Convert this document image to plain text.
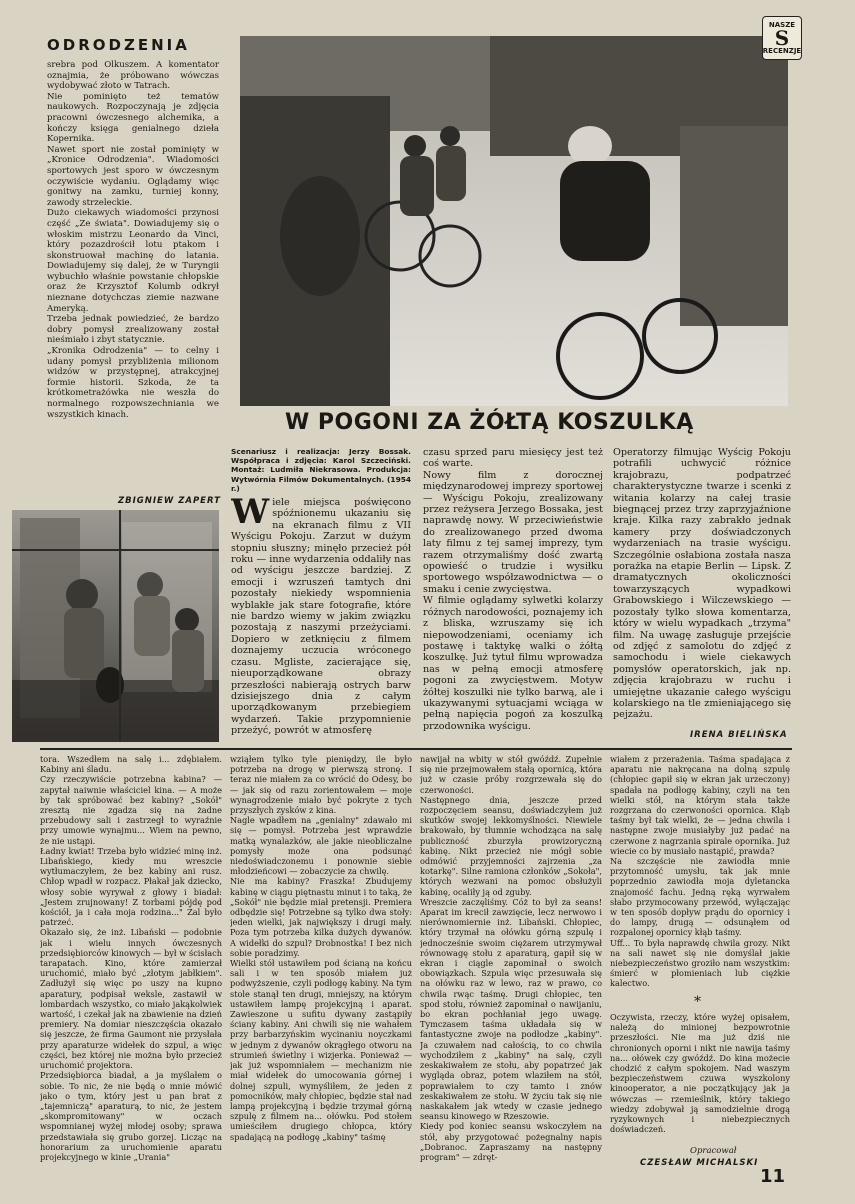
ODRODZENIA
srebra pod Olkuszem. A komentator oznajmia, że próbowano wówczas wydobywać złoto w Tatrach.
Nie pominięto też tematów naukowych. Rozpoczynają je zdjęcia pracowni ówczesnego alchemika, a kończy księga genialnego dzieła Kopernika.
Nawet sport nie został pominięty w „Kronice Odrodzenia". Wiadomości sportowych jest sporo w ówczesnym oczywiście wydaniu. Oglądamy więc gonitwy na zamku, turniej konny, zawody strzeleckie.
Dużo ciekawych wiadomości przynosi część „Ze świata". Dowiadujemy się o włoskim mistrzu Leonardo da Vinci, który pozazdrościł lotu ptakom i skonstruował machinę do latania. Dowiadujemy się dalej, że w Turyngii wybuchło właśnie powstanie chłopskie oraz że Krzysztof Kolumb odkrył nieznane dotychczas ziemie nazwane Ameryką.
Trzeba jednak powiedzieć, że bardzo dobry pomysł zrealizowany został nieśmiało i zbyt statycznie.
„Kronika Odrodzenia" — to celny i udany pomysł przybliżenia milionom widzów w przystępnej, atrakcyjnej formie historii. Szkoda, że ta krótkometrażówka nie weszła do normalnego rozpowszechniania we wszystkich kinach.
ZBIGNIEW ZAPERT
NASZE
S
RECENZJE
W POGONI ZA ŻÓŁTĄ KOSZULKĄ
Scenariusz i realizacja: Jerzy Bossak. Współpraca i zdjęcia: Karol Szczeciński. Montaż: Ludmiła Niekrasowa. Produkcja: Wytwórnia Filmów Dokumentalnych. (1954 r.)
Wiele miejsca poświęcono spóźnionemu ukazaniu się na ekranach filmu z VII Wyścigu Pokoju. Zarzut w dużym stopniu słuszny; minęło przecież pół roku — inne wydarzenia oddaliły nas od wyścigu jeszcze bardziej. Z emocji i wzruszeń tamtych dni pozostały niekiedy wspomnienia wyblakłe jak stare fotografie, które nie bardzo wiemy w jakim związku pozostają z naszymi przeżyciami. Dopiero w zetknięciu z filmem doznajemy uczucia wróconego czasu. Mgliste, zacierające się, nieuporządkowane obrazy przeszłości nabierają ostrych barw dzisiejszego dnia z całym uporządkowanym przebiegiem wydarzeń. Takie przypomnienie przeżyć, powrót w atmosferę
czasu sprzed paru miesięcy jest też coś warte.
Nowy film z dorocznej międzynarodowej imprezy sportowej — Wyścigu Pokoju, zrealizowany przez reżysera Jerzego Bossaka, jest naprawdę nowy. W przeciwieństwie do zrealizowanego przed dwoma laty filmu z tej samej imprezy, tym razem otrzymaliśmy dość zwartą opowieść o trudzie i wysiłku sportowego współzawodnictwa — o smaku i cenie zwycięstwa.
W filmie oglądamy sylwetki kolarzy różnych narodowości, poznajemy ich z bliska, wzruszamy się ich niepowodzeniami, oceniamy ich postawę i taktykę walki o żółtą koszulkę. Już tytuł filmu wprowadza nas w pełną emocji atmosferę pogoni za zwycięstwem. Motyw żółtej koszulki nie tylko barwą, ale i ukazywanymi sytuacjami wciąga w pełną napięcia pogoń za koszulką przodownika wyścigu.
Operatorzy filmując Wyścig Pokoju potrafili uchwycić różnice krajobrazu, podpatrzeć charakterystyczne twarze i scenki z witania kolarzy na całej trasie biegnącej przez trzy zaprzyjaźnione kraje. Kilka razy zabrakło jednak kamery przy doświadczonych wydarzeniach na trasie wyścigu. Szczególnie osłabiona została nasza porażka na etapie Berlin — Lipsk. Z dramatycznych okoliczności towarzyszących wypadkowi Grabowskiego i Wilczewskiego — pozostały tylko słowa komentarza, który w wielu wypadkach „trzyma" film. Na uwagę zasługuje przejście od zdjęć z samolotu do zdjęć z samochodu i wiele ciekawych pomysłów operatorskich, jak np. zdjęcia krajobrazu w ruchu i umiejętne ukazanie całego wyścigu kolarskiego na tle zmieniającego się pejzażu.
IRENA BIELIŃSKA
tora. Wszedłem na salę i... zdębiałem. Kabiny ani śladu.
Czy rzeczywiście potrzebna kabina? — zapytał naiwnie właściciel kina. — A może by tak spróbować bez kabiny? „Sokół" zresztą nie zgadza się na żadne przebudowy sali i zastrzegł to wyraźnie przy umowie wynajmu... Wiem na pewno, że nie ustąpi.
Ładny kwiat! Trzeba było widzieć minę inż. Libańskiego, kiedy mu wreszcie wytłumaczyłem, że bez kabiny ani rusz. Chłop wpadł w rozpacz. Płakał jak dziecko, włosy sobie wyrywał z głowy i biadał: „Jestem zrujnowany! Z torbami pójdę pod kościół, ja i cała moja rodzina..." Żal było patrzeć.
Okazało się, że inż. Libański — podobnie jak i wielu innych ówczesnych przedsiębiorców kinowych — był w ścisłach tarapatach. Kino, które zamierzał uruchomić, miało być „złotym jabłkiem". Zadłużył się więc po uszy na kupno aparatury, podpisał weksle, zastawił w lombardach wszystko, co miało jakąkolwiek wartość, i czekał jak na zbawienie na dzień premiery. Na domiar nieszczęścia okazało się jeszcze, że firma Gaumont nie przysłała przy aparaturze widełek do szpul, a więc części, bez której nie można było przecież uruchomić projektora.
Przedsiębiorca biadał, a ja myślałem o sobie. To nic, że nie będą o mnie mówić jako o tym, który jest u pan brat z „tajemniczą" aparaturą, to nic, że jestem „skompromitowany" w oczach wspomnianej wyżej młodej osoby; sprawa przedstawiała się grubo gorzej. Licząc na honorarium za uruchomienie aparatu projekcyjnego w kinie „Urania"
wziąłem tylko tyle pieniędzy, ile było potrzeba na drogę w pierwszą stronę. I teraz nie miałem za co wrócić do Odesy, bo — jak się od razu zorientowałem — moje wynagrodzenie miało być pokryte z tych przyszłych zysków z kina.
Nagle wpadłem na „genialny" zdawało mi się — pomysł. Potrzeba jest wprawdzie matką wynalazków, ale jakie nieobliczalne pomysły może ona podsunąć niedoświadczonemu i ponownie siebie młodzieńcowi — zobaczycie za chwilę.
Nie ma kabiny? Fraszka! Zbudujemy kabinę w ciągu piętnastu minut i to taką, że „Sokół" nie będzie miał pretensji. Premiera odbędzie się! Potrzebne są tylko dwa stoły: jeden wielki, jak największy i drugi mały. Poza tym potrzeba kilka dużych dywanów. A widełki do szpul? Drobnostka! I bez nich sobie poradzimy.
Wielki stół ustawiłem pod ścianą na końcu sali i w ten sposób miałem już podwyższenie, czyli podłogę kabiny. Na tym stole stanął ten drugi, mniejszy, na którym ustawiłem lampę projekcyjną i aparat. Zawieszone u sufitu dywany zastąpiły ściany kabiny. Ani chwili się nie wahałem przy barbarzyńskim wycinaniu noyczkami w jednym z dywanów okrągłego otworu na strumień świetlny i wizjerka. Ponieważ — jak już wspomniałem — mechanizm nie miał widełek do umocowania górnej i dolnej szpuli, wymyśliłem, że jeden z pomocników, mały chłopiec, będzie stał nad lampą projekcyjną i będzie trzymał górną szpulę z filmem na... ołówku. Pod stołem umieściłem drugiego chłopca, który spadającą na podłogę „kabiny" taśmę
nawijał na wbity w stół gwóźdź. Zupełnie się nie przejmowałem stałą opornicą, która już w czasie próby rozgrzewała się do czerwoności.
Następnego dnia, jeszcze przed rozpoczęciem seansu, doświadczyłem już skutków swojej lekkomyślności. Niewiele brakowało, by tłumnie wchodząca na salę publiczność zburzyła prowizoryczną kabinę. Nikt przecież nie mógł sobie odmówić przyjemności zajrzenia „za kotarkę". Silne ramiona członków „Sokoła", których wezwani na pomoc obsłużyli kabinę, ocaliły ją od zguby.
Wreszcie zaczęliśmy. Cóż to był za seans! Aparat im krecił zawzięcie, lecz nerwowo i nierównomiernie inż. Libański. Chłopiec, który trzymał na ołówku górną szpulę i jednocześnie swoim ciężarem utrzymywał równowagę stołu z aparaturą, gapił się w ekran i ciągle zapominał o swoich obowiązkach. Szpula więc przesuwała się na ołówku raz w lewo, raz w prawo, co chwila rwąc taśmę. Drugi chłopiec, ten spod stołu, również zapominał o nawijaniu, bo ekran pochłaniał jego uwagę. Tymczasem taśma układała się w fantastyczne zwoje na podłodze „kabiny". Ja czuwałem nad całością, to co chwila wychodziłem z „kabiny" na salę, czyli zeskakiwałem ze stołu, aby popatrzeć jak wygląda obraz, potem wlaziłem na stół, poprawiałem to czy tamto i znów zeskakiwałem ze stołu. W życiu tak się nie naskakałem jak wtedy w czasie jednego seansu kinowego w Rzeszowie.
Kiedy pod koniec seansu wskoczyłem na stół, aby przygotować pożegnalny napis „Dobranoc. Zapraszamy na następny program" — zdręt-
wiałem z przerażenia. Taśma spadająca z aparatu nie nakręcana na dolną szpulę (chłopiec gapił się w ekran jak urzeczony) spadała na podłogę kabiny, czyli na ten wielki stół, na którym stała także rozgrzana do czerwoności opornica. Kłąb taśmy był tak wielki, że — jedna chwila i następne zwoje musiałyby już padać na czerwone z nagrzania spirale opornika. Już wiecie co by musiało nastąpić, prawda?
Na szczęście nie zawiodła mnie przytomność umysłu, tak jak mnie poprzednio zawiodła moja dyletancka znajomość fachu. Jedną ręką wyrwałem słabo przymocowany przewód, wyłączając w ten sposób dopływ prądu do opornicy i do lampy, drugą — odsunąłem od rozpalonej opornicy kłąb taśmy.
Uff... To była naprawdę chwila grozy. Nikt na sali nawet się nie domyślał jakie niebezpieczeństwo groziło nam wszystkim: śmierć w płomieniach lub ciężkie kalectwo.
*
Oczywista, rzeczy, które wyżej opisałem, należą do minionej bezpowrotnie przeszłości. Nie ma już dziś nie chronionych oporni i nikt nie nawija taśmy na... ołówek czy gwóźdź. Do kina możecie chodzić z całym spokojem. Nad waszym bezpieczeństwem czuwa wyszkolony kinooperator, a nie początkujący jak ja wówczas — rzemieślnik, który takiego wiedzy zdobywał ją samodzielnie drogą ryzykownych i niebezpiecznych doświadczeń.
Opracował
CZESŁAW MICHALSKI
11
